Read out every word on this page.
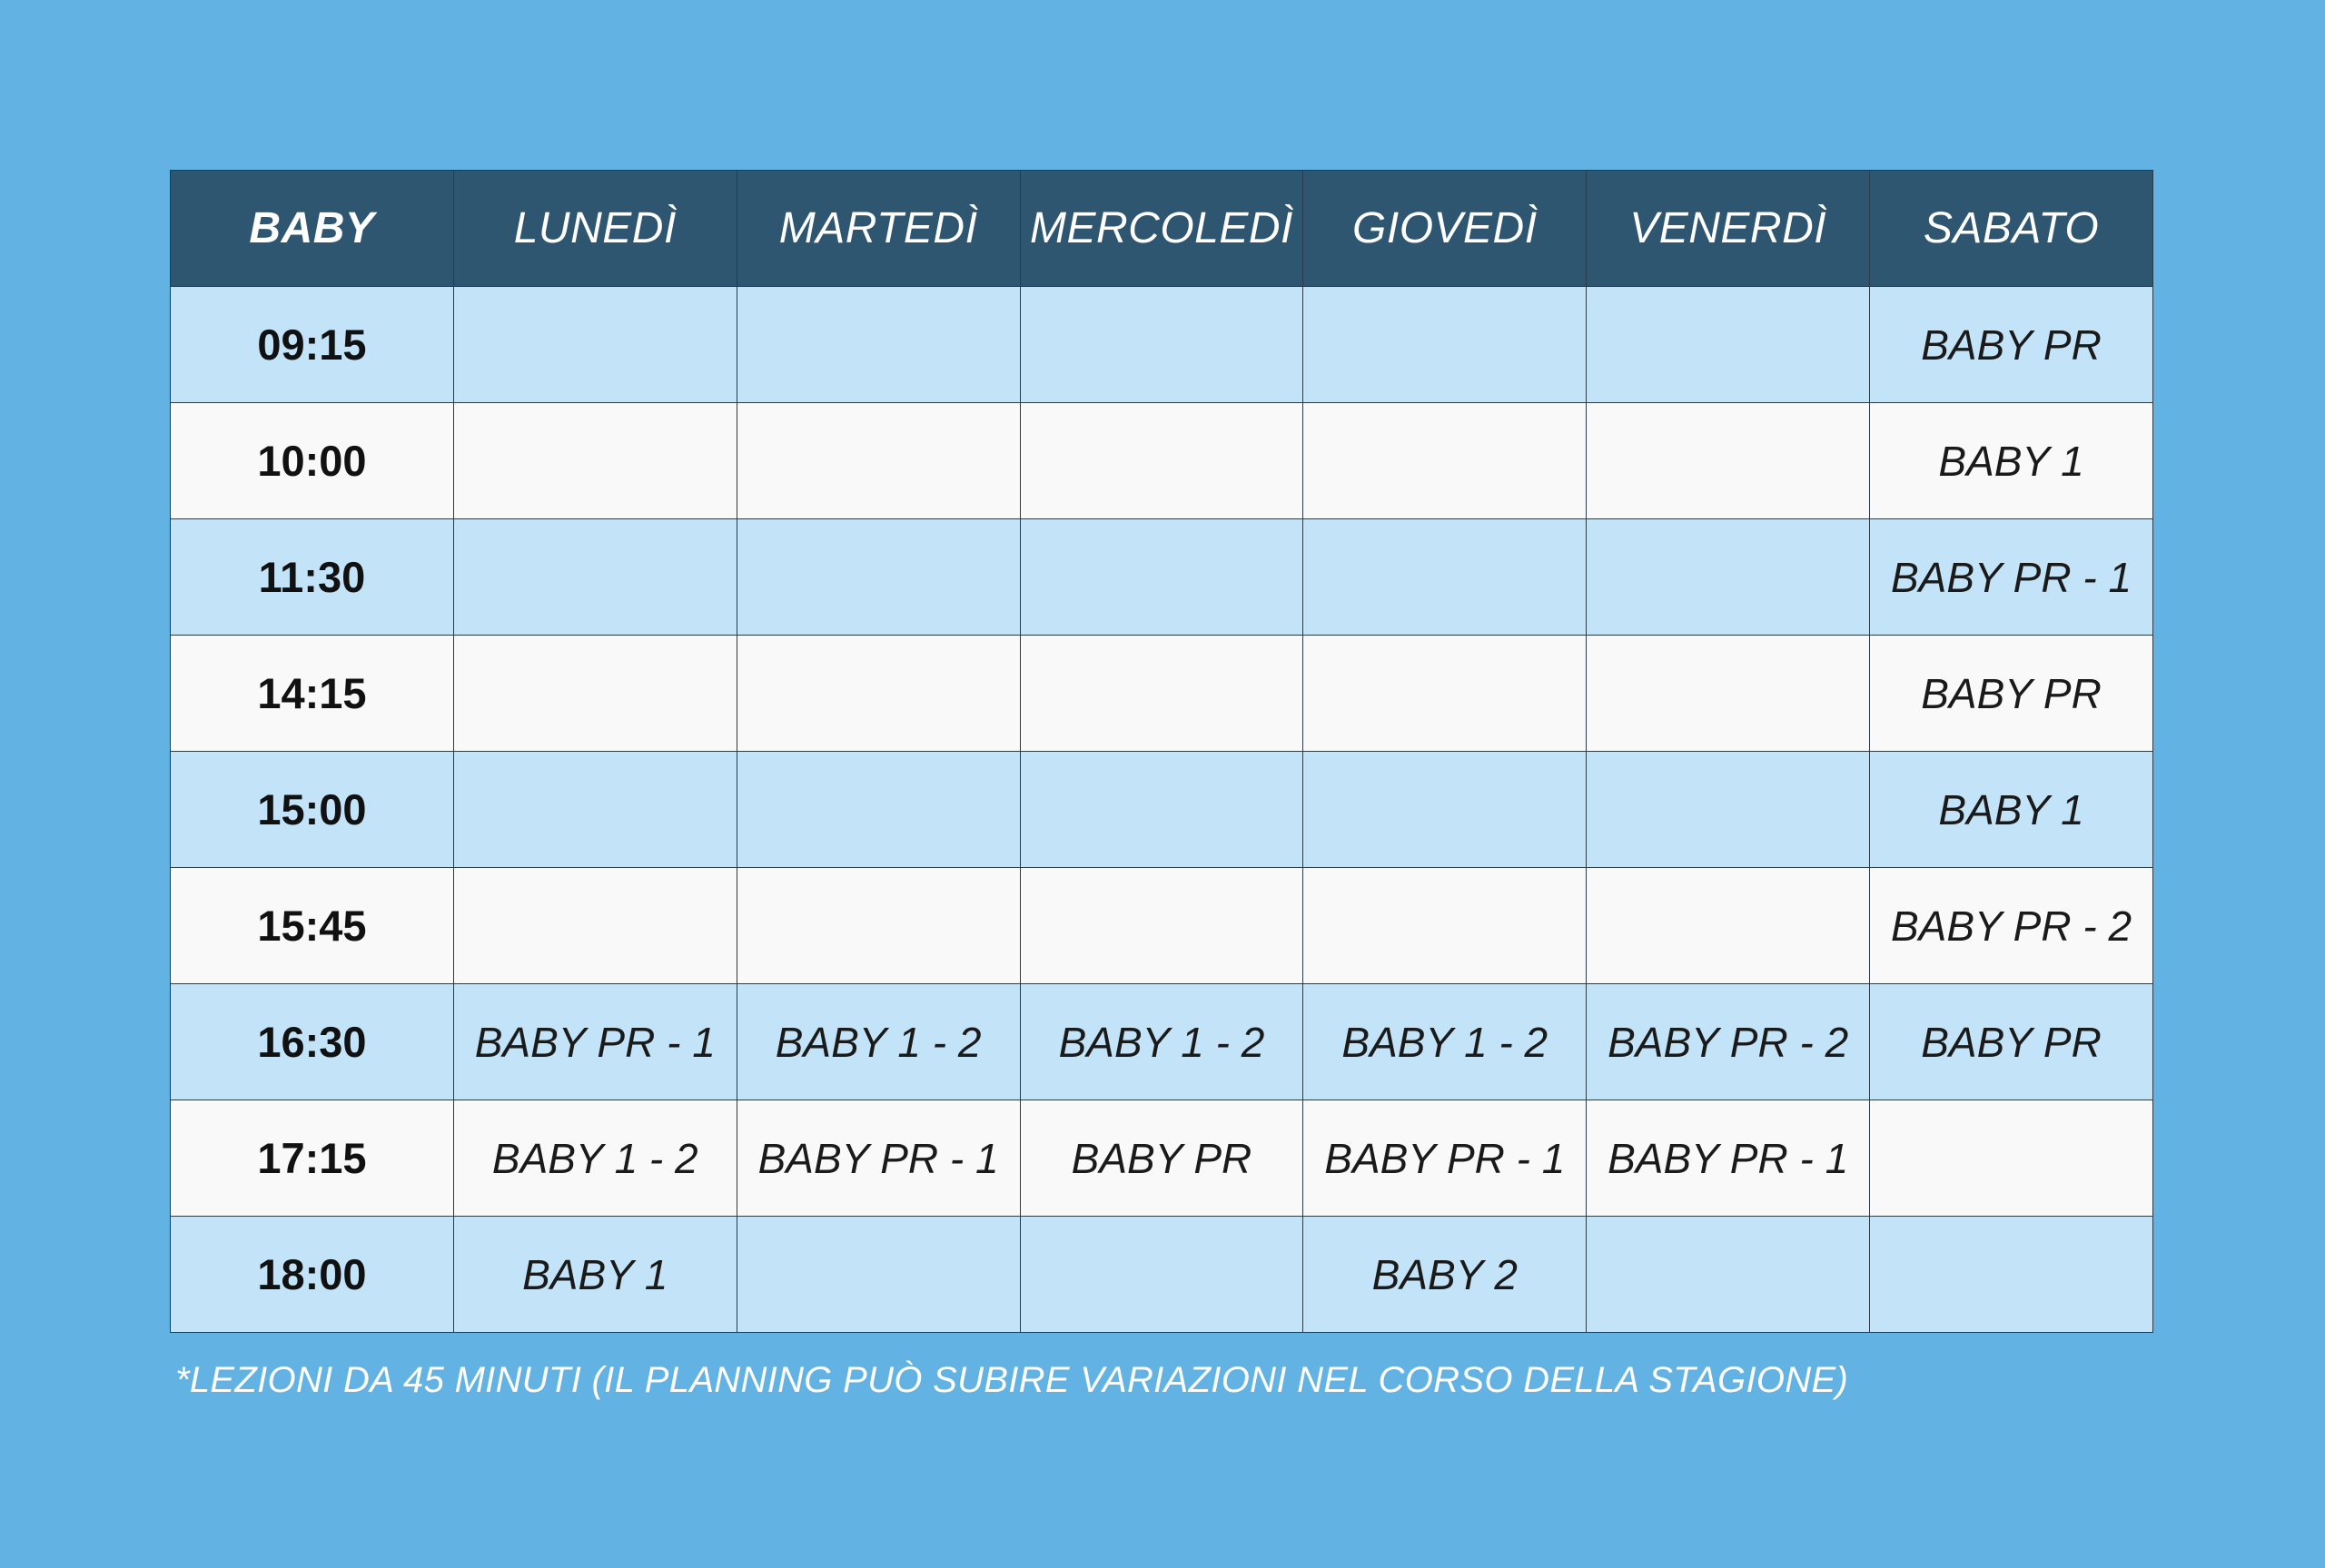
BABY	LUNEDÌ	MARTEDÌ	MERCOLEDÌ	GIOVEDÌ	VENERDÌ	SABATO
09:15						BABY PR
10:00						BABY 1
11:30						BABY PR - 1
14:15						BABY PR
15:00						BABY 1
15:45						BABY PR - 2
16:30	BABY PR - 1	BABY 1 - 2	BABY 1 - 2	BABY 1 - 2	BABY PR - 2	BABY PR
17:15	BABY 1 - 2	BABY PR - 1	BABY PR	BABY PR - 1	BABY PR - 1	
18:00	BABY 1			BABY 2		
*LEZIONI DA 45 MINUTI (IL PLANNING PUÒ SUBIRE VARIAZIONI NEL CORSO DELLA STAGIONE)
